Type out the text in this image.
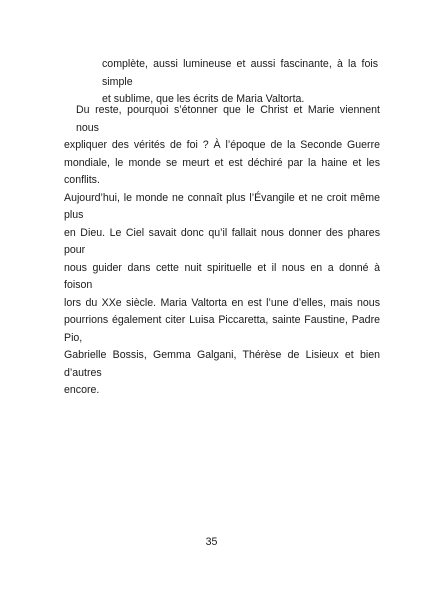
complète, aussi lumineuse et aussi fascinante, à la fois simple
et sublime, que les écrits de Maria Valtorta.
Du reste, pourquoi s’étonner que le Christ et Marie viennent nous
expliquer des vérités de foi ? À l’époque de la Seconde Guerre
mondiale, le monde se meurt et est déchiré par la haine et les conflits.
Aujourd’hui, le monde ne connaît plus l’Évangile et ne croit même plus
en Dieu. Le Ciel savait donc qu’il fallait nous donner des phares pour
nous guider dans cette nuit spirituelle et il nous en a donné à foison
lors du XXe siècle. Maria Valtorta en est l’une d’elles, mais nous
pourrions également citer Luisa Piccaretta, sainte Faustine, Padre Pio,
Gabrielle Bossis, Gemma Galgani, Thérèse de Lisieux et bien d’autres
encore.
35
